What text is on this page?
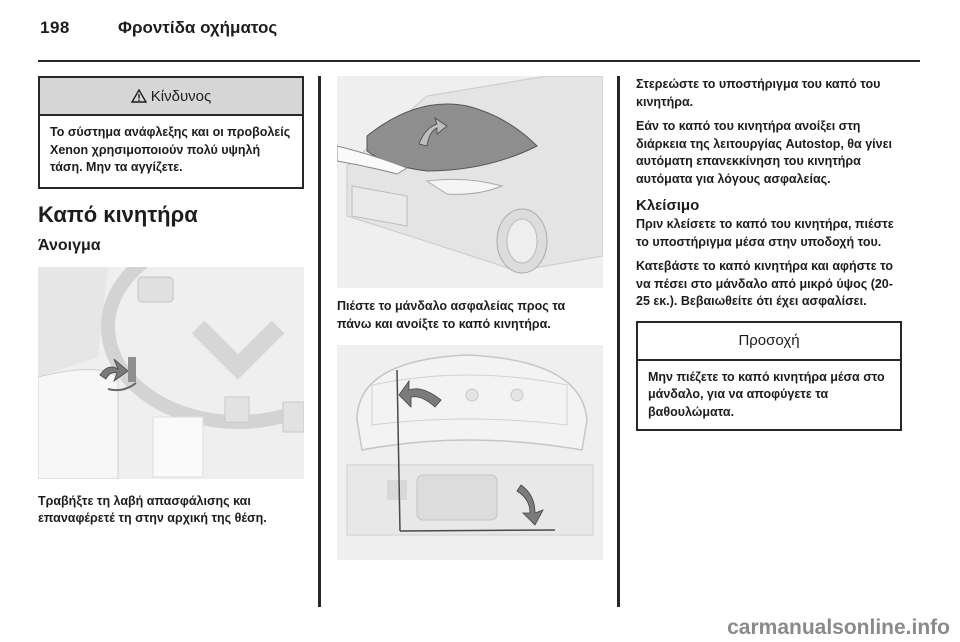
198	Φροντίδα οχήματος
Κίνδυνος
Το σύστημα ανάφλεξης και οι προβολείς Xenon χρησιμοποιούν πολύ υψηλή τάση. Μην τα αγγίζετε.
Καπό κινητήρα
Άνοιγμα
Τραβήξτε τη λαβή απασφάλισης και επαναφέρετέ τη στην αρχική της θέση.
Πιέστε το μάνδαλο ασφαλείας προς τα πάνω και ανοίξτε το καπό κινητήρα.
Στερεώστε το υποστήριγμα του καπό του κινητήρα.
Εάν το καπό του κινητήρα ανοίξει στη διάρκεια της λειτουργίας Autostop, θα γίνει αυτόματη επανεκκίνηση του κινητήρα αυτόματα για λόγους ασφαλείας.
Κλείσιμο
Πριν κλείσετε το καπό του κινητήρα, πιέστε το υποστήριγμα μέσα στην υποδοχή του.
Κατεβάστε το καπό κινητήρα και αφήστε το να πέσει στο μάνδαλο από μικρό ύψος (20-25 εκ.). Βεβαιωθείτε ότι έχει ασφαλίσει.
Προσοχή
Μην πιέζετε το καπό κινητήρα μέσα στο μάνδαλο, για να αποφύγετε τα βαθουλώματα.
carmanualsonline.info
